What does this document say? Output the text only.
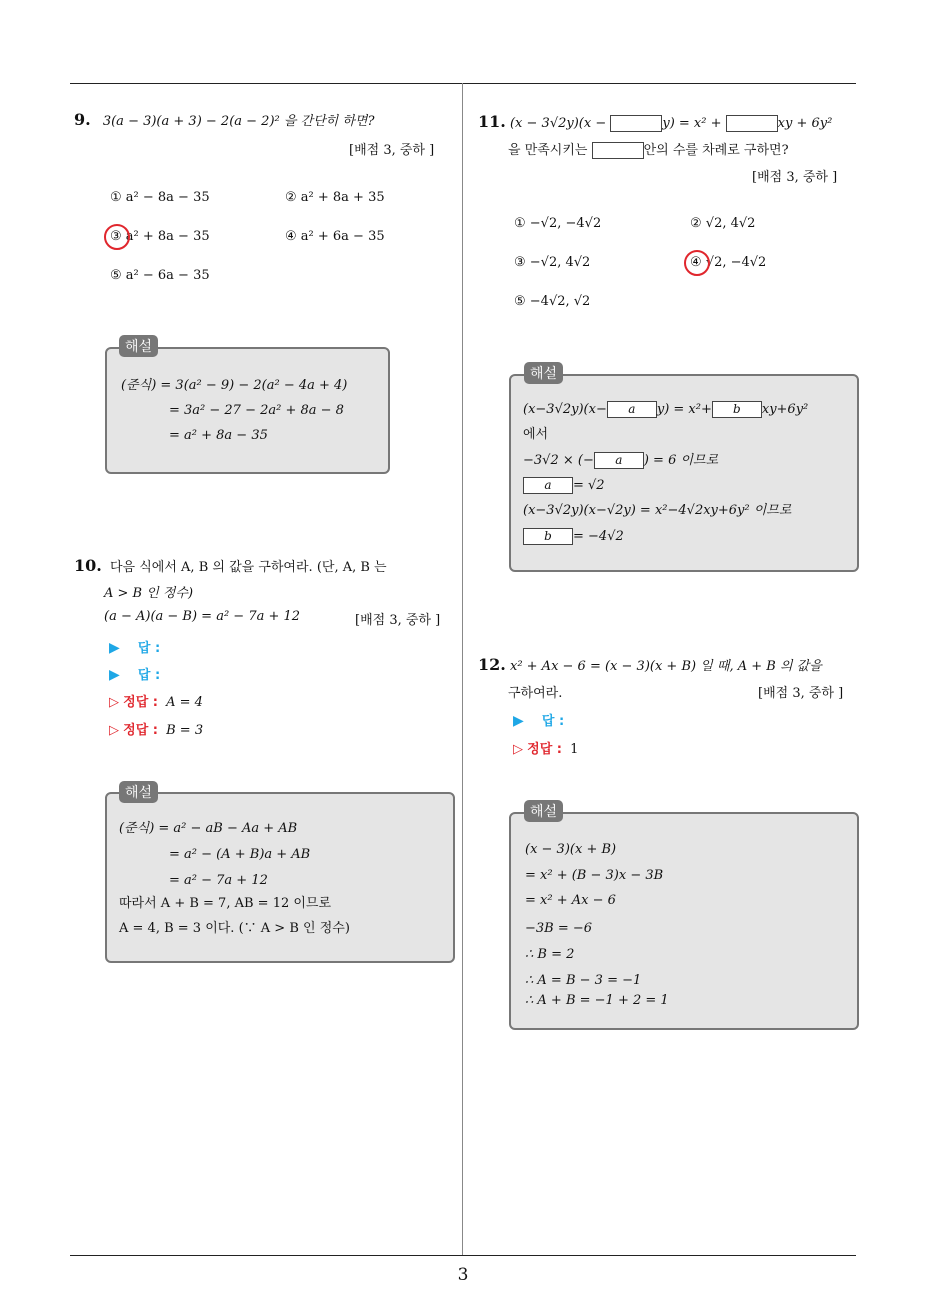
9. 3(a − 3)(a + 3) − 2(a − 2)² 을 간단히 하면?
[배점 3, 중하 ]
① a² − 8a − 35	② a² + 8a + 35
③ a² + 8a − 35	④ a² + 6a − 35
⑤ a² − 6a − 35
(준식) = 3(a² − 9) − 2(a² − 4a + 4)
= 3a² − 27 − 2a² + 8a − 8
= a² + 8a − 35
해설
10. 다음 식에서 A, B 의 값을 구하여라. (단, A, B 는
A > B 인 정수)
(a − A)(a − B) = a² − 7a + 12	[배점 3, 중하 ]
▶ 답 :
▶ 답 :
▷ 정답 : A = 4
▷ 정답 : B = 3
(준식) = a² − aB − Aa + AB
= a² − (A + B)a + AB
= a² − 7a + 12
따라서 A + B = 7, AB = 12 이므로
A = 4, B = 3 이다. (∵ A > B 인 정수)
해설
11. (x − 3√2y)(x −	y) = x² +	xy + 6y²
을 만족시키는	안의 수를 차례로 구하면?
[배점 3, 중하 ]
① −√2, −4√2	② √2, 4√2
③ −√2, 4√2	④ √2, −4√2
⑤ −4√2, √2
(x−3√2y)(x− a y) = x²+ b xy+6y²
에서
−3√2 × (− a ) = 6 이므로
a = √2
(x−3√2y)(x−√2y) = x²−4√2xy+6y² 이므로
b = −4√2
해설
12. x² + Ax − 6 = (x − 3)(x + B) 일 때, A + B 의 값을
구하여라.	[배점 3, 중하 ]
▶ 답 :
▷ 정답 : 1
(x − 3)(x + B)
= x² + (B − 3)x − 3B
= x² + Ax − 6
−3B = −6
∴ B = 2
∴ A = B − 3 = −1
∴ A + B = −1 + 2 = 1
해설
3
